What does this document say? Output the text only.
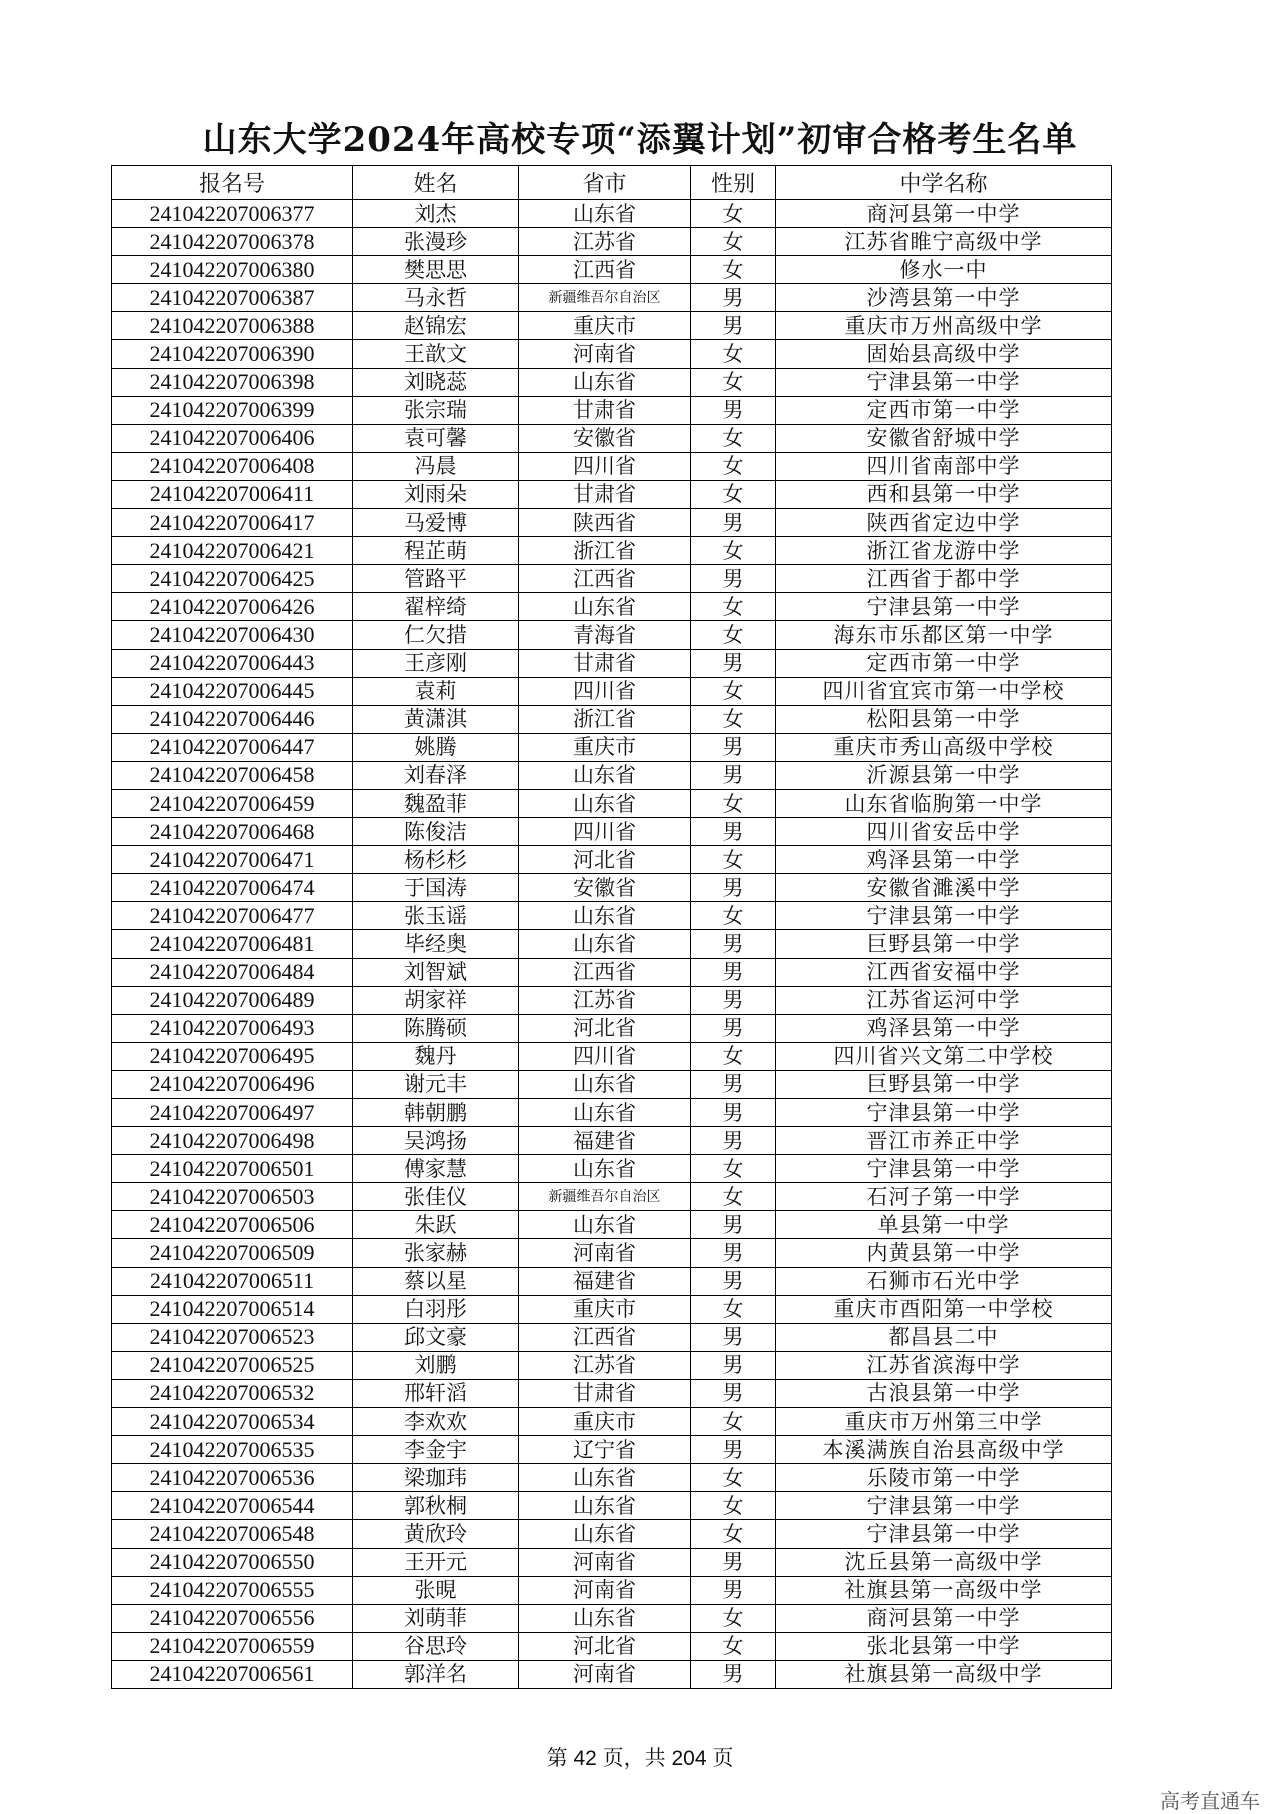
山东大学2024年高校专项“添翼计划”初审合格考生名单
报名号	姓名	省市	性别	中学名称
241042207006377	刘杰	山东省	女	商河县第一中学
241042207006378	张漫珍	江苏省	女	江苏省睢宁高级中学
241042207006380	樊思思	江西省	女	修水一中
241042207006387	马永哲	新疆维吾尔自治区	男	沙湾县第一中学
241042207006388	赵锦宏	重庆市	男	重庆市万州高级中学
241042207006390	王歆文	河南省	女	固始县高级中学
241042207006398	刘晓蕊	山东省	女	宁津县第一中学
241042207006399	张宗瑞	甘肃省	男	定西市第一中学
241042207006406	袁可馨	安徽省	女	安徽省舒城中学
241042207006408	冯晨	四川省	女	四川省南部中学
241042207006411	刘雨朵	甘肃省	女	西和县第一中学
241042207006417	马爱博	陕西省	男	陕西省定边中学
241042207006421	程芷萌	浙江省	女	浙江省龙游中学
241042207006425	管路平	江西省	男	江西省于都中学
241042207006426	翟梓绮	山东省	女	宁津县第一中学
241042207006430	仁欠措	青海省	女	海东市乐都区第一中学
241042207006443	王彦刚	甘肃省	男	定西市第一中学
241042207006445	袁莉	四川省	女	四川省宜宾市第一中学校
241042207006446	黄潇淇	浙江省	女	松阳县第一中学
241042207006447	姚腾	重庆市	男	重庆市秀山高级中学校
241042207006458	刘春泽	山东省	男	沂源县第一中学
241042207006459	魏盈菲	山东省	女	山东省临朐第一中学
241042207006468	陈俊洁	四川省	男	四川省安岳中学
241042207006471	杨杉杉	河北省	女	鸡泽县第一中学
241042207006474	于国涛	安徽省	男	安徽省濉溪中学
241042207006477	张玉谣	山东省	女	宁津县第一中学
241042207006481	毕经奥	山东省	男	巨野县第一中学
241042207006484	刘智斌	江西省	男	江西省安福中学
241042207006489	胡家祥	江苏省	男	江苏省运河中学
241042207006493	陈腾硕	河北省	男	鸡泽县第一中学
241042207006495	魏丹	四川省	女	四川省兴文第二中学校
241042207006496	谢元丰	山东省	男	巨野县第一中学
241042207006497	韩朝鹏	山东省	男	宁津县第一中学
241042207006498	吴鸿扬	福建省	男	晋江市养正中学
241042207006501	傅家慧	山东省	女	宁津县第一中学
241042207006503	张佳仪	新疆维吾尔自治区	女	石河子第一中学
241042207006506	朱跃	山东省	男	单县第一中学
241042207006509	张家赫	河南省	男	内黄县第一中学
241042207006511	蔡以星	福建省	男	石狮市石光中学
241042207006514	白羽彤	重庆市	女	重庆市酉阳第一中学校
241042207006523	邱文豪	江西省	男	都昌县二中
241042207006525	刘鹏	江苏省	男	江苏省滨海中学
241042207006532	邢轩滔	甘肃省	男	古浪县第一中学
241042207006534	李欢欢	重庆市	女	重庆市万州第三中学
241042207006535	李金宇	辽宁省	男	本溪满族自治县高级中学
241042207006536	梁珈玮	山东省	女	乐陵市第一中学
241042207006544	郭秋桐	山东省	女	宁津县第一中学
241042207006548	黄欣玲	山东省	女	宁津县第一中学
241042207006550	王开元	河南省	男	沈丘县第一高级中学
241042207006555	张晛	河南省	男	社旗县第一高级中学
241042207006556	刘萌菲	山东省	女	商河县第一中学
241042207006559	谷思玲	河北省	女	张北县第一中学
241042207006561	郭洋名	河南省	男	社旗县第一高级中学
第 42 页，共 204 页
高考直通车
